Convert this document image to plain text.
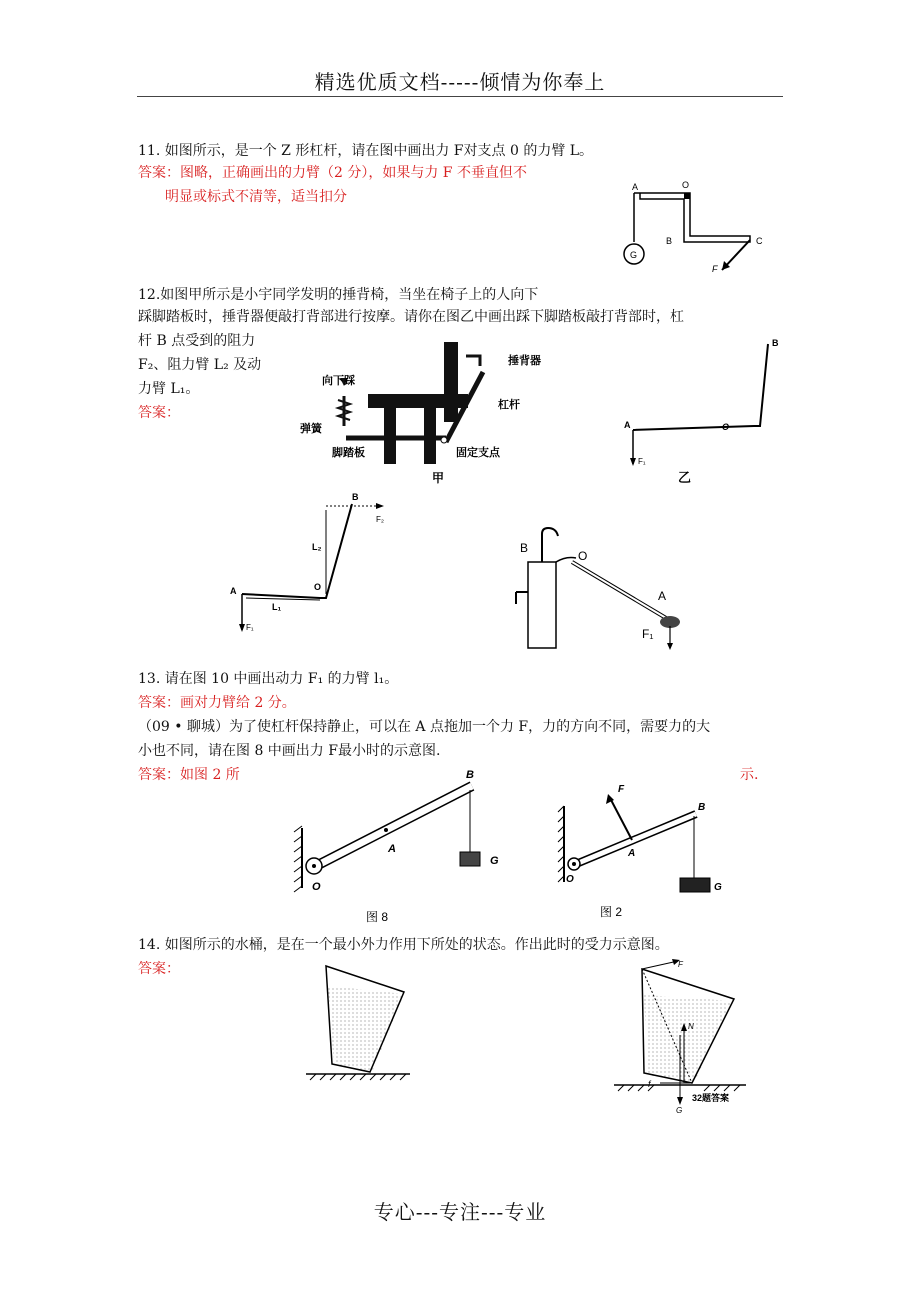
精选优质文档-----倾情为你奉上
11. 如图所示，是一个 Z 形杠杆，请在图中画出力 F对支点 0 的力臂 L。
答案：图略，正确画出的力臂（2 分），如果与力 F 不垂直但不
明显或标式不清等，适当扣分
A	O
B	C
F
G
12.如图甲所示是小宇同学发明的捶背椅，当坐在椅子上的人向下
踩脚踏板时，捶背器便敲打背部进行按摩。请你在图乙中画出踩下脚踏板敲打背部时，杠
杆 B 点受到的阻力
F₂、阻力臂 L₂ 及动
力臂 L₁。
答案：
向下踩
弹簧
脚踏板
捶背器
杠杆
固定支点
甲
A	O
B
F₁
乙
A	O
B
F₁
F₂
L₁
L₂	B
O
A
F₁
13. 请在图 10 中画出动力 F₁ 的力臂 l₁。
答案：画对力臂给 2 分。
（09 • 聊城）为了使杠杆保持静止，可以在 A 点拖加一个力 F，力的方向不同，需要力的大
小也不同，请在图 8 中画出力 F最小时的示意图.
答案：如图 2 所	示.
O
A
B
G
图 8
O
A
B
G
F
图 2
14. 如图所示的水桶，是在一个最小外力作用下所处的状态。作出此时的受力示意图。
答案：	F
N
f
G
32题答案
专心---专注---专业
